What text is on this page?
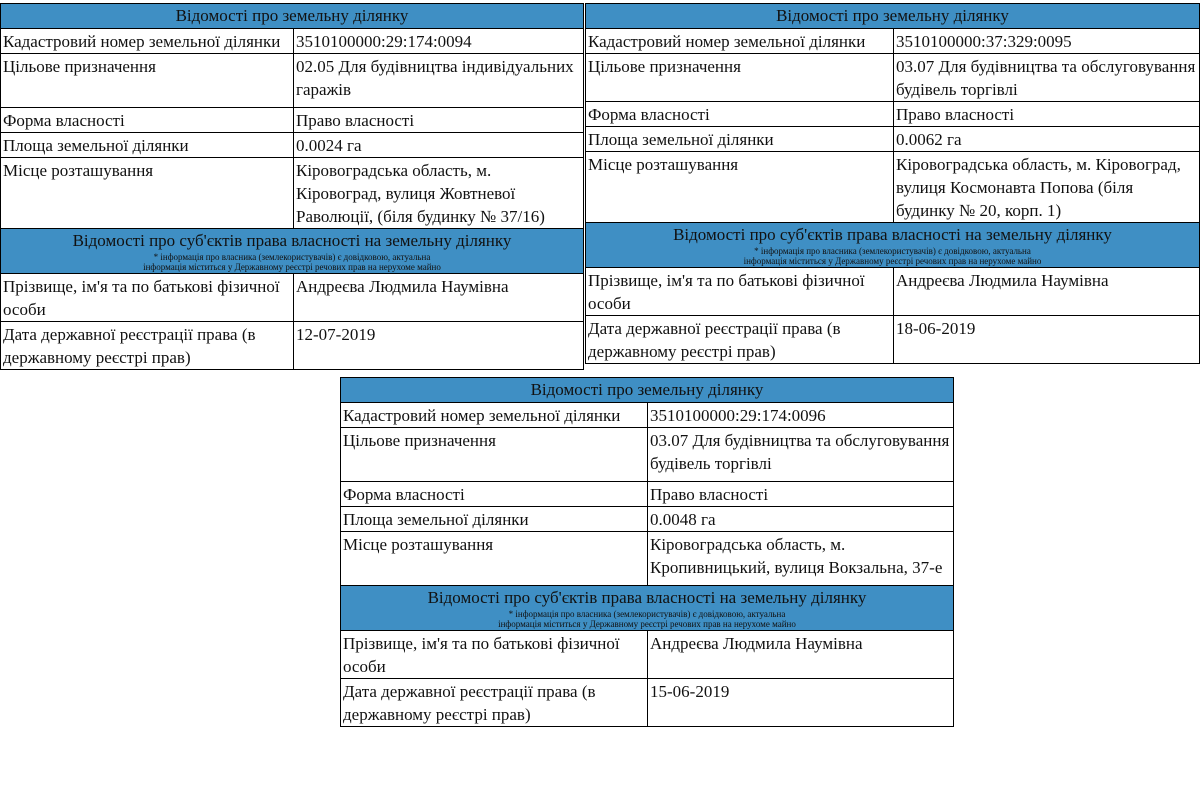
Відомості про земельну ділянку	

Кадастровий номер земельної ділянки	3510100000:29:174:0094
Цільове призначення	02.05 Для будівництва індивідуальних гаражів
Форма власності	Право власності
Площа земельної ділянки	0.0024 га
Місце розташування	Кіровоградська область, м. Кіровоград, вулиця Жовтневої Раволюції, (біля будинку № 37/16)

Відомості про суб'єктів права власності на земельну ділянку
* інформація про власника (землекористувачів) є довідковою, актуальна
інформація міститься у Державному реєстрі речових прав на нерухоме майно	

Прізвище, ім'я та по батькові фізичної особи	Андреєва Людмила Наумівна
Дата державної реєстрації права (в державному реєстрі прав)	12-07-2019
Відомості про земельну ділянку	

Кадастровий номер земельної ділянки	3510100000:37:329:0095
Цільове призначення	03.07 Для будівництва та обслуговування будівель торгівлі
Форма власності	Право власності
Площа земельної ділянки	0.0062 га
Місце розташування	Кіровоградська область, м. Кіровоград, вулиця Космонавта Попова (біля будинку № 20, корп. 1)

Відомості про суб'єктів права власності на земельну ділянку
* інформація про власника (землекористувачів) є довідковою, актуальна
інформація міститься у Державному реєстрі речових прав на нерухоме майно	

Прізвище, ім'я та по батькові фізичної особи	Андреєва Людмила Наумівна
Дата державної реєстрації права (в державному реєстрі прав)	18-06-2019
Відомості про земельну ділянку	

Кадастровий номер земельної ділянки	3510100000:29:174:0096
Цільове призначення	03.07 Для будівництва та обслуговування будівель торгівлі
Форма власності	Право власності
Площа земельної ділянки	0.0048 га
Місце розташування	Кіровоградська область, м. Кропивницький, вулиця Вокзальна, 37-е

Відомості про суб'єктів права власності на земельну ділянку
* інформація про власника (землекористувачів) є довідковою, актуальна
інформація міститься у Державному реєстрі речових прав на нерухоме майно	

Прізвище, ім'я та по батькові фізичної особи	Андреєва Людмила Наумівна
Дата державної реєстрації права (в державному реєстрі прав)	15-06-2019
